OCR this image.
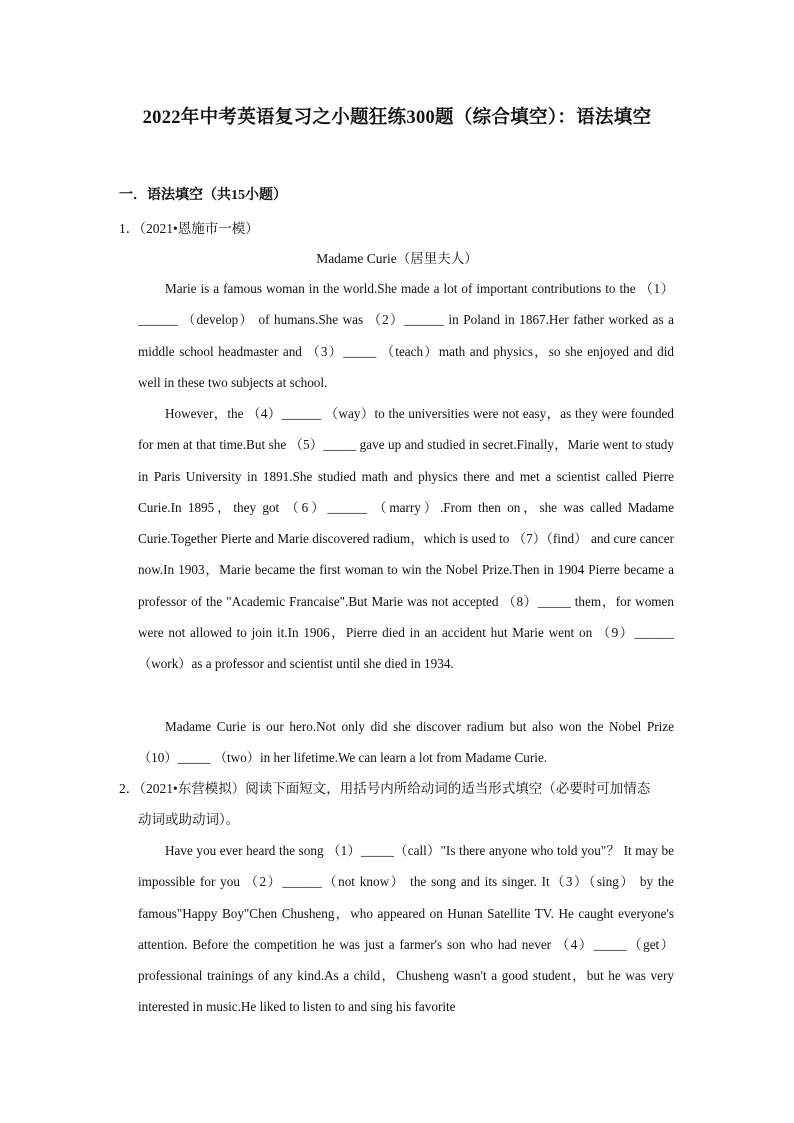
2022年中考英语复习之小题狂练300题（综合填空）：语法填空
一．语法填空（共15小题）
1．（2021•恩施市一模）
Madame Curie（居里夫人）

Marie is a famous woman in the world.She made a lot of important contributions to the （1）______ （develop） of humans.She was （2）______ in Poland in 1867.Her father worked as a middle school headmaster and （3）_____ （teach）math and physics，so she enjoyed and did well in these two subjects at school.

However，the （4）______ （way）to the universities were not easy，as they were founded for men at that time.But she （5）_____ gave up and studied in secret.Finally，Marie went to study in Paris University in 1891.She studied math and physics there and met a scientist called Pierre Curie.In 1895，they got （6）______ （marry）.From then on，she was called Madame Curie.Together Pierte and Marie discovered radium，which is used to （7）（find） and cure cancer now.In 1903，Marie became the first woman to win the Nobel Prize.Then in 1904 Pierre became a professor of the "Academic Francaise".But Marie was not accepted （8）_____ them，for women were not allowed to join it.In 1906，Pierre died in an accident hut Marie went on （9）______ （work）as a professor and scientist until she died in 1934.

Madame Curie is our hero.Not only did she discover radium but also won the Nobel Prize （10）_____ （two）in her lifetime.We can learn a lot from Madame Curie.

2．（2021•东营模拟）阅读下面短文，用括号内所给动词的适当形式填空（必要时可加情态
动词或助动词）。

Have you ever heard the song （1）_____（call）"Is there anyone who told you"？ It may be impossible for you （2）______（not know） the song and its singer. It（3）（sing） by the famous"Happy Boy"Chen Chusheng，who appeared on Hunan Satellite TV. He caught everyone's attention. Before the competition he was just a farmer's son who had never （4）_____（get）professional trainings of any kind.As a child，Chusheng wasn't a good student，but he was very interested in music.He liked to listen to and sing his favorite
